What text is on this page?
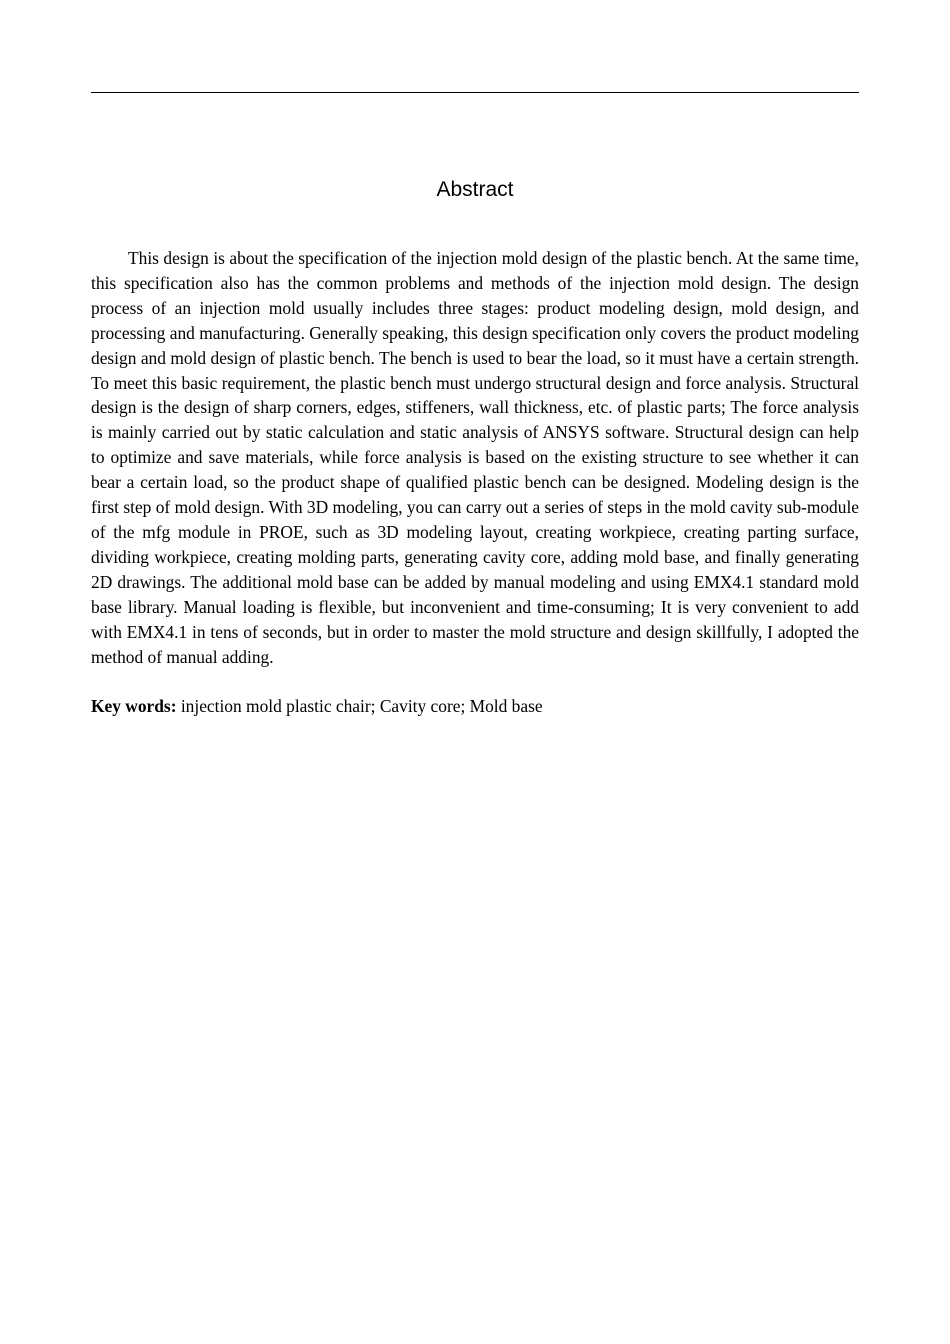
Abstract

This design is about the specification of the injection mold design of the plastic bench. At the same time, this specification also has the common problems and methods of the injection mold design. The design process of an injection mold usually includes three stages: product modeling design, mold design, and processing and manufacturing. Generally speaking, this design specification only covers the product modeling design and mold design of plastic bench. The bench is used to bear the load, so it must have a certain strength. To meet this basic requirement, the plastic bench must undergo structural design and force analysis. Structural design is the design of sharp corners, edges, stiffeners, wall thickness, etc. of plastic parts; The force analysis is mainly carried out by static calculation and static analysis of ANSYS software. Structural design can help to optimize and save materials, while force analysis is based on the existing structure to see whether it can bear a certain load, so the product shape of qualified plastic bench can be designed. Modeling design is the first step of mold design. With 3D modeling, you can carry out a series of steps in the mold cavity sub-module of the mfg module in PROE, such as 3D modeling layout, creating workpiece, creating parting surface, dividing workpiece, creating molding parts, generating cavity core, adding mold base, and finally generating 2D drawings. The additional mold base can be added by manual modeling and using EMX4.1 standard mold base library. Manual loading is flexible, but inconvenient and time-consuming; It is very convenient to add with EMX4.1 in tens of seconds, but in order to master the mold structure and design skillfully, I adopted the method of manual adding.

Key words: injection mold plastic chair; Cavity core; Mold base
